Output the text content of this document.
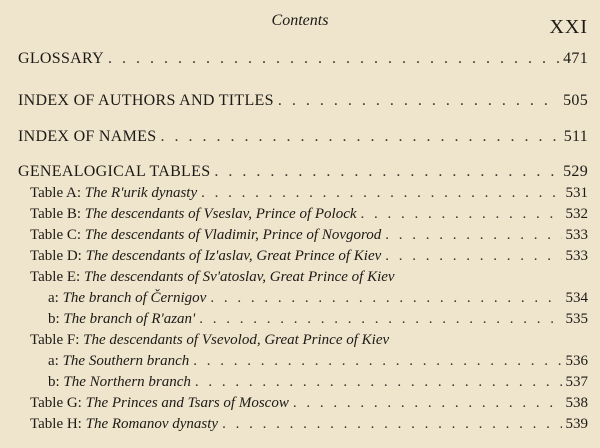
Contents	XXI
GLOSSARY . . .	471
INDEX OF AUTHORS AND TITLES . . .	505
INDEX OF NAMES . . .	511
GENEALOGICAL TABLES . . .	529
Table A: The R'urik dynasty . . .	531
Table B: The descendants of Vseslav, Prince of Polock . . .	532
Table C: The descendants of Vladimir, Prince of Novgorod . . .	533
Table D: The descendants of Iz'aslav, Great Prince of Kiev . . .	533
Table E: The descendants of Sv'atoslav, Great Prince of Kiev
a: The branch of Černigov . . .	534
b: The branch of R'azan' . . .	535
Table F: The descendants of Vsevolod, Great Prince of Kiev
a: The Southern branch . . .	536
b: The Northern branch . . .	537
Table G: The Princes and Tsars of Moscow . . .	538
Table H: The Romanov dynasty . . .	539
